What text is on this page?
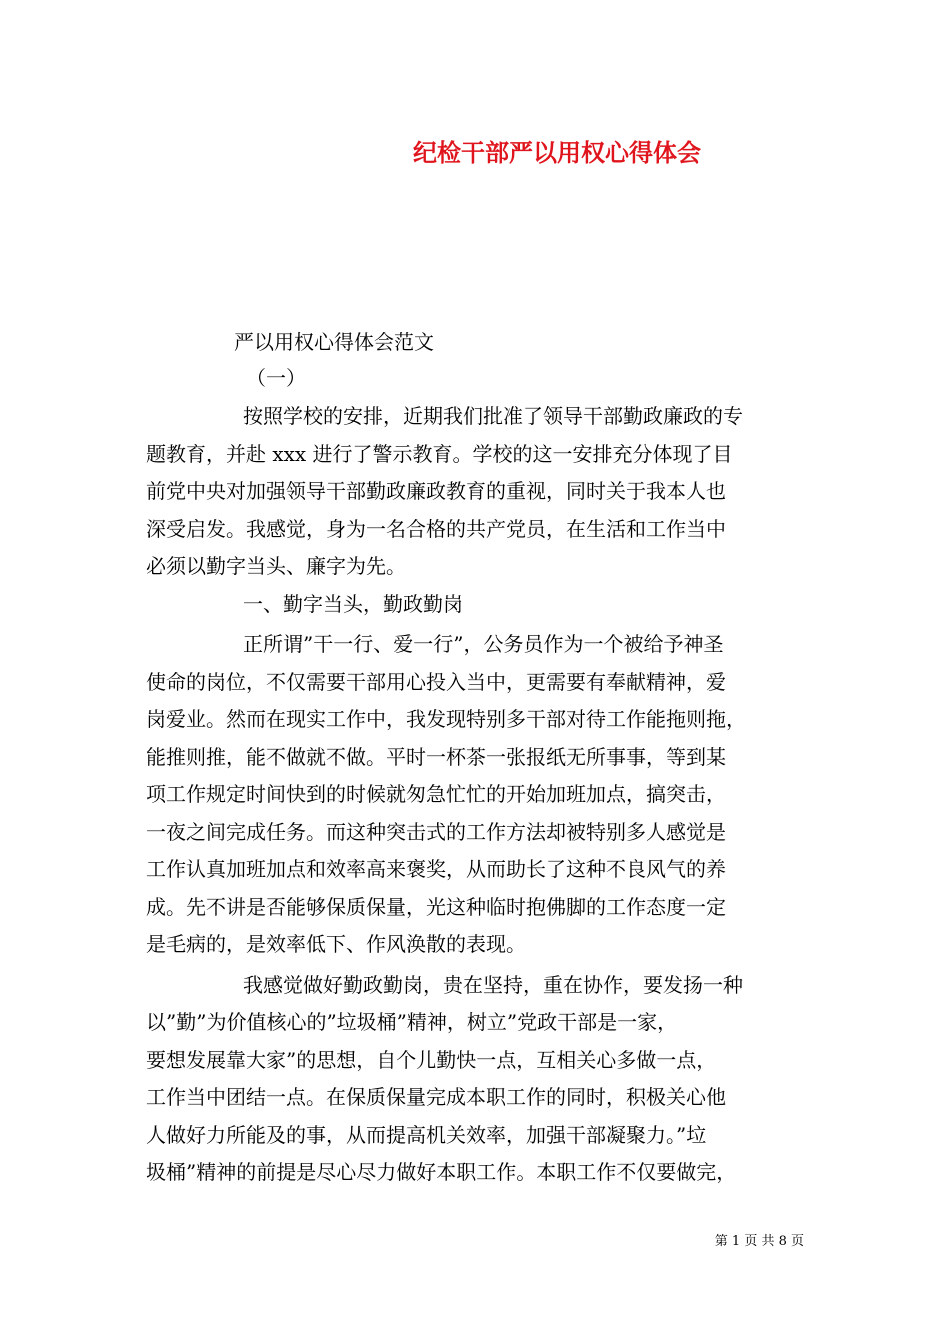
纪检干部严以用权心得体会
严以用权心得体会范文
（一）
按照学校的安排，近期我们批准了领导干部勤政廉政的专
题教育，并赴 xxx 进行了警示教育。学校的这一安排充分体现了目
前党中央对加强领导干部勤政廉政教育的重视，同时关于我本人也
深受启发。我感觉，身为一名合格的共产党员，在生活和工作当中
必须以勤字当头、廉字为先。
一、勤字当头，勤政勤岗
正所谓”干一行、爱一行”，公务员作为一个被给予神圣
使命的岗位，不仅需要干部用心投入当中，更需要有奉献精神，爱
岗爱业。然而在现实工作中，我发现特别多干部对待工作能拖则拖，
能推则推，能不做就不做。平时一杯茶一张报纸无所事事，等到某
项工作规定时间快到的时候就匆急忙忙的开始加班加点，搞突击，
一夜之间完成任务。而这种突击式的工作方法却被特别多人感觉是
工作认真加班加点和效率高来褒奖，从而助长了这种不良风气的养
成。先不讲是否能够保质保量，光这种临时抱佛脚的工作态度一定
是毛病的，是效率低下、作风涣散的表现。
我感觉做好勤政勤岗，贵在坚持，重在协作，要发扬一种
以”勤”为价值核心的”垃圾桶”精神，树立”党政干部是一家，
要想发展靠大家”的思想，自个儿勤快一点，互相关心多做一点，
工作当中团结一点。在保质保量完成本职工作的同时，积极关心他
人做好力所能及的事，从而提高机关效率，加强干部凝聚力。”垃
圾桶”精神的前提是尽心尽力做好本职工作。本职工作不仅要做完，
第 1 页 共 8 页
